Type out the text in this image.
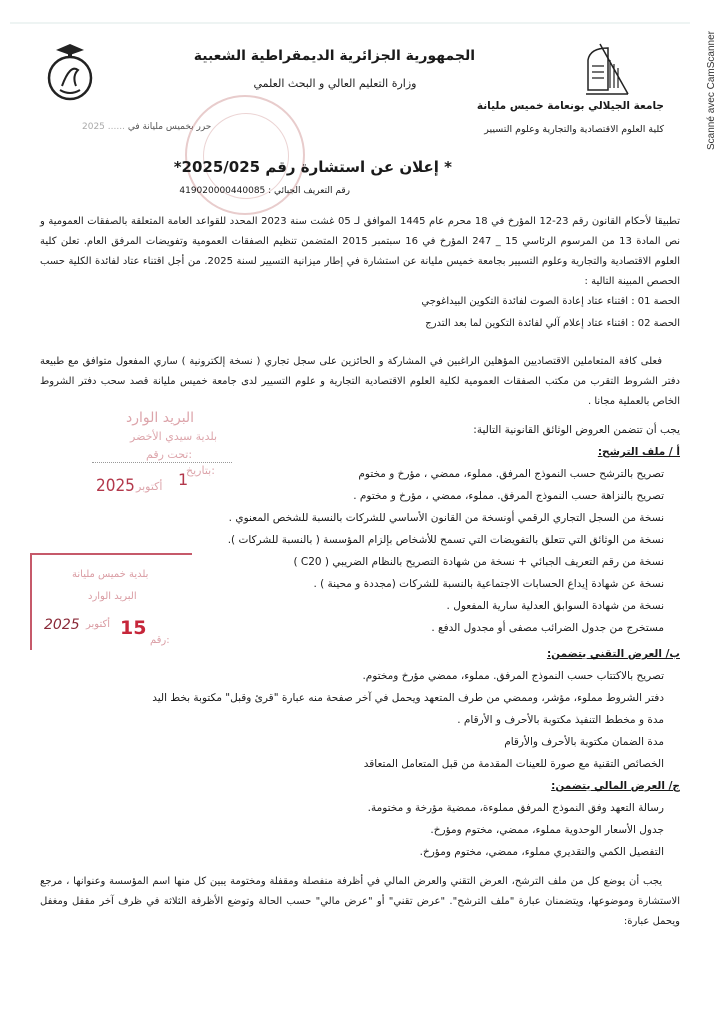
Scanné avec CamScanner
الجمهورية الجزائرية الديمقراطية الشعبية
وزارة التعليم العالي و البحث العلمي
جامعة الجيلالي بونعامة خميس مليانة
كلية العلوم الاقتصادية والتجارية وعلوم التسيير
حرر بخميس مليانة في ...... 2025
* إعلان عن استشارة رقم 2025/025*
رقم التعريف الجبائي : 419020000440085
تطبيقا لأحكام القانون رقم 23-12 المؤرخ في 18 محرم عام 1445 الموافق لـ 05 غشت سنة 2023 المحدد للقواعد العامة المتعلقة بالصفقات العمومية و نص المادة 13 من المرسوم الرئاسي 15 _ 247 المؤرخ في 16 سبتمبر 2015 المتضمن تنظيم الصفقات العمومية وتفويضات المرفق العام. تعلن كلية العلوم الاقتصادية والتجارية وعلوم التسيير بجامعة خميس مليانة عن استشارة في إطار ميزانية التسيير لسنة 2025. من أجل اقتناء عتاد لفائدة الكلية حسب الحصص المبينة التالية :
الحصة 01 : اقتناء عتاد إعادة الصوت لفائدة التكوين البيداغوجي
الحصة 02 : اقتناء عتاد إعلام آلي لفائدة التكوين لما بعد التدرج
فعلى كافة المتعاملين الاقتصاديين المؤهلين الراغبين في المشاركة و الحائزين على سجل تجاري ( نسخة إلكترونية ) ساري المفعول متوافق مع طبيعة دفتر الشروط التقرب من مكتب الصفقات العمومية لكلية العلوم الاقتصادية التجارية و علوم التسيير لدى جامعة خميس مليانة قصد سحب دفتر الشروط الخاص بالعملية مجانا .
البريد الوارد
بلدية سيدي الأخضر
تحت رقم:
بتاريخ:
1
أكتوبر
2025
يجب أن تتضمن العروض الوثائق القانونية التالية:
أ / ملف الترشح:
تصريح بالترشح حسب النموذج المرفق. مملوء، ممضي ، مؤرخ و مختوم
تصريح بالنزاهة حسب النموذج المرفق. مملوء، ممضي ، مؤرخ و مختوم .
نسخة من السجل التجاري الرقمي أونسخة من القانون الأساسي للشركات بالنسبة للشخص المعنوي .
نسخة من الوثائق التي تتعلق بالتفويضات التي تسمح للأشخاص بإلزام المؤسسة ( بالنسبة للشركات ).
نسخة من رقم التعريف الجبائي + نسخة من شهادة التصريح بالنظام الضريبي ( C20 )
نسخة عن شهادة إيداع الحسابات الاجتماعية بالنسبة للشركات (مجددة و محينة ) .
نسخة من شهادة السوابق العدلية سارية المفعول .
مستخرج من جدول الضرائب مصفى أو مجدول الدفع .
بلدية خميس مليانة
البريد الوارد
2025 أكتوبر 15
رقم:
ب/ العرض التقني يتضمن:
تصريح بالاكتتاب حسب النموذج المرفق. مملوء، ممضي مؤرخ ومختوم.
دفتر الشروط مملوء، مؤشر، وممضي من طرف المتعهد ويحمل في آخر صفحة منه عبارة "قرئ وقبل" مكتوبة بخط اليد
مدة و مخطط التنفيذ مكتوبة بالأحرف و الأرقام .
مدة الضمان مكتوبة بالأحرف والأرقام
الخصائص التقنية مع صورة للعينات المقدمة من قبل المتعامل المتعاقد
ج/ العرض المالي يتضمن:
رسالة التعهد وفق النموذج المرفق مملوءة، ممضية مؤرخة و مختومة.
جدول الأسعار الوحدوية مملوء، ممضي، مختوم ومؤرخ.
التفصيل الكمي والتقديري مملوء، ممضي، مختوم ومؤرخ.
يجب أن يوضع كل من ملف الترشح، العرض التقني والعرض المالي في أظرفة منفصلة ومقفلة ومختومة يبين كل منها اسم المؤسسة وعنوانها ، مرجع الاستشارة وموضوعها، ويتضمنان عبارة "ملف الترشح". "عرض تقني" أو "عرض مالي" حسب الحالة وتوضع الأظرفة الثلاثة في ظرف آخر مقفل ومغفل ويحمل عبارة:
